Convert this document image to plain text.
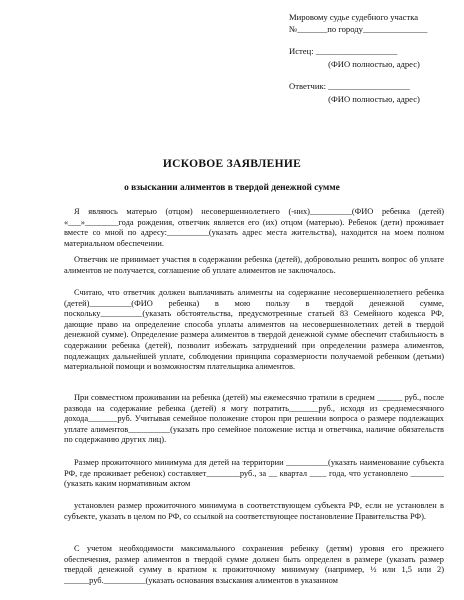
Мировому судье судебного участка
№_______по городу_______________
Истец: ___________________
(ФИО полностью, адрес)
Ответчик: ___________________
(ФИО полностью, адрес)
ИСКОВОЕ ЗАЯВЛЕНИЕ
о взыскании алиментов в твердой денежной сумме
Я являюсь матерью (отцом) несовершеннолетнего (-них)__________(ФИО ребенка (детей) «___»________года рождения, ответчик является его (их) отцом (матерью). Ребенок (дети) проживает вместе со мной по адресу:__________(указать адрес места жительства), находится на моем полном материальном обеспечении.
Ответчик не принимает участия в содержании ребенка (детей), добровольно решить вопрос об уплате алиментов не получается, соглашение об уплате алиментов не заключалось.
Считаю, что ответчик должен выплачивать алименты на содержание несовершеннолетнего ребенка (детей)__________(ФИО ребенка) в мою пользу в твердой денежной сумме, поскольку__________(указать обстоятельства, предусмотренные статьей 83 Семейного кодекса РФ, дающие право на определение способа уплаты алиментов на несовершеннолетних детей в твердой денежной сумме). Определение размера алиментов в твердой денежной сумме обеспечит стабильность в содержании ребенка (детей), позволит избежать затруднений при определении размера алиментов, подлежащих дальнейшей уплате, соблюдении принципа соразмерности получаемой ребенком (детьми) материальной помощи и возможностям плательщика алиментов.
При совместном проживании на ребенка (детей) мы ежемесячно тратили в среднем ______ руб., после развода на содержание ребенка (детей) я могу потратить_______руб., исходя из среднемесячного дохода_______руб. Учитывая семейное положение сторон при решении вопроса о размере подлежащих уплате алиментов__________(указать про семейное положение истца и ответчика, наличие обязательств по содержанию других лиц).
Размер прожиточного минимума для детей на территории __________(указать наименование субъекта РФ, где проживает ребенок) составляет________руб., за __ квартал ____ года, что установлено ________ (указать каким нормативным актом
установлен размер прожиточного минимума в соответствующем субъекта РФ, если не установлен в субъекте, указать в целом по РФ, со ссылкой на соответствующее постановление Правительства РФ).
С учетом необходимости максимального сохранения ребенку (детям) уровня его прежнего обеспечения, размер алиментов в твердой сумме должен быть определен в размере (указать размер твердой денежной сумму в кратном к прожиточному минимуму (например, ½ или 1,5 или 2) ______руб.__________(указать основания взыскания алиментов в указанном
